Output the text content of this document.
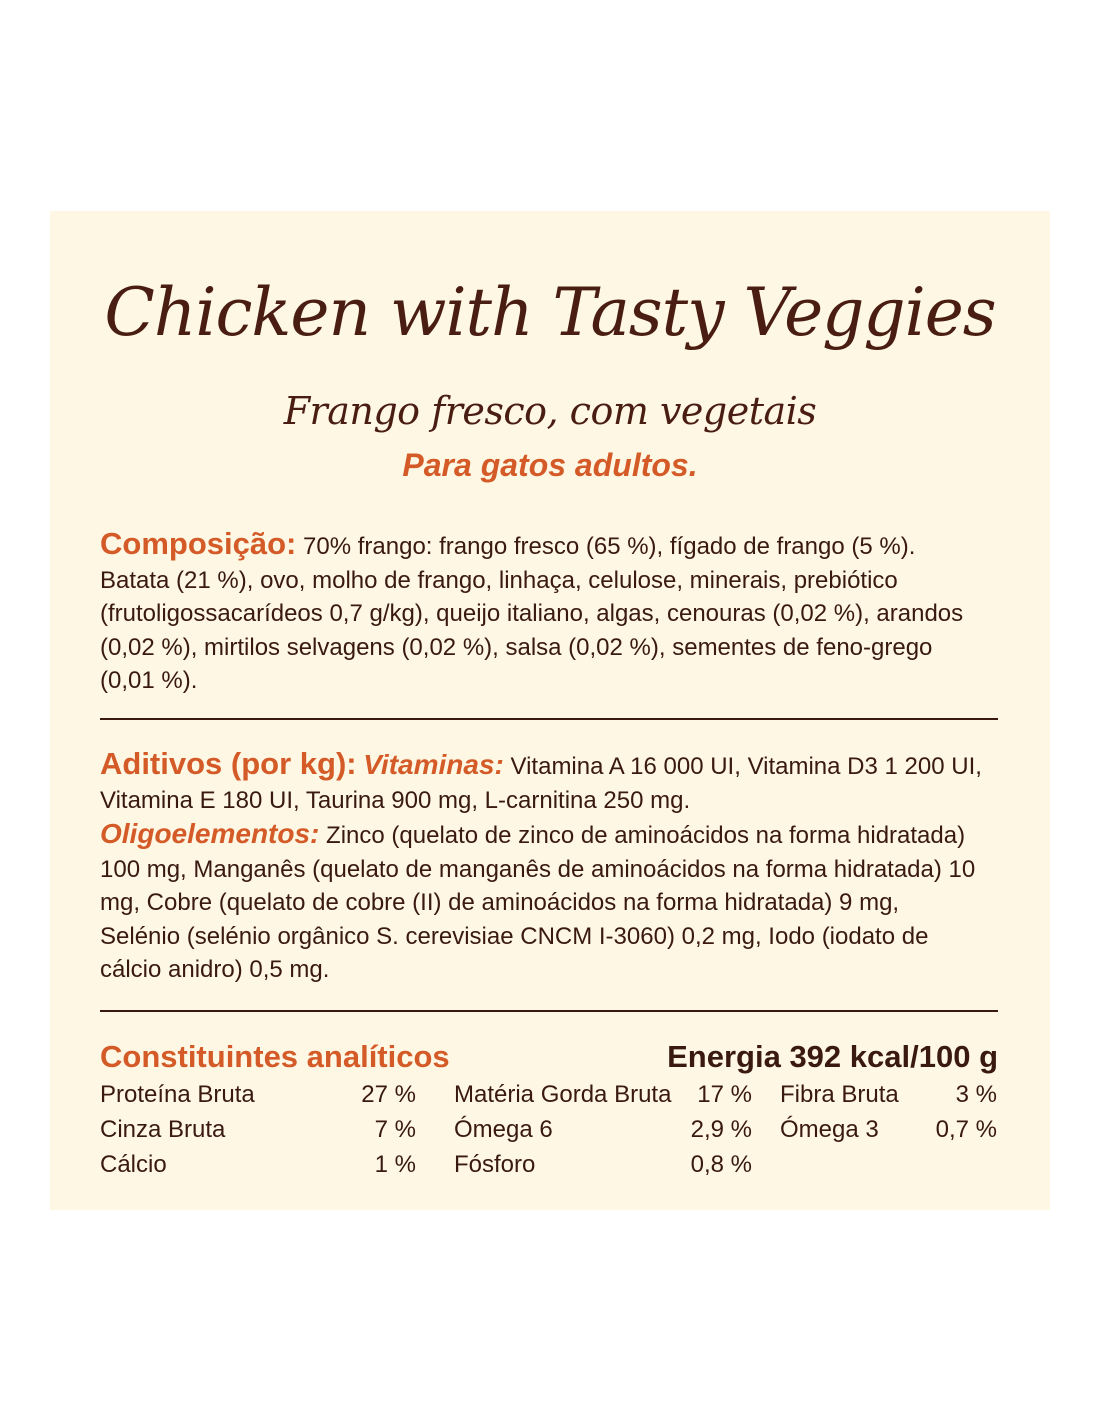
Chicken with Tasty Veggies
Frango fresco, com vegetais
Para gatos adultos.

Composição: 70% frango: frango fresco (65 %), fígado de frango (5 %). Batata (21 %), ovo, molho de frango, linhaça, celulose, minerais, prebiótico (frutoligossacarídeos 0,7 g/kg), queijo italiano, algas, cenouras (0,02 %), arandos (0,02 %), mirtilos selvagens (0,02 %), salsa (0,02 %), sementes de feno-grego (0,01 %).

Aditivos (por kg): Vitaminas: Vitamina A 16 000 UI, Vitamina D3 1 200 UI, Vitamina E 180 UI, Taurina 900 mg, L-carnitina 250 mg.
Oligoelementos: Zinco (quelato de zinco de aminoácidos na forma hidratada) 100 mg, Manganês (quelato de manganês de aminoácidos na forma hidratada) 10 mg, Cobre (quelato de cobre (II) de aminoácidos na forma hidratada) 9 mg, Selénio (selénio orgânico S. cerevisiae CNCM I-3060) 0,2 mg, Iodo (iodato de cálcio anidro) 0,5 mg.

Constituintes analíticos	Energia 392 kcal/100 g
Proteína Bruta	27 % Matéria Gorda Bruta	17 % Fibra Bruta	3 %
Cinza Bruta	7 % Ómega 6	2,9 % Ómega 3	0,7 %
Cálcio	1 % Fósforo	0,8 %
